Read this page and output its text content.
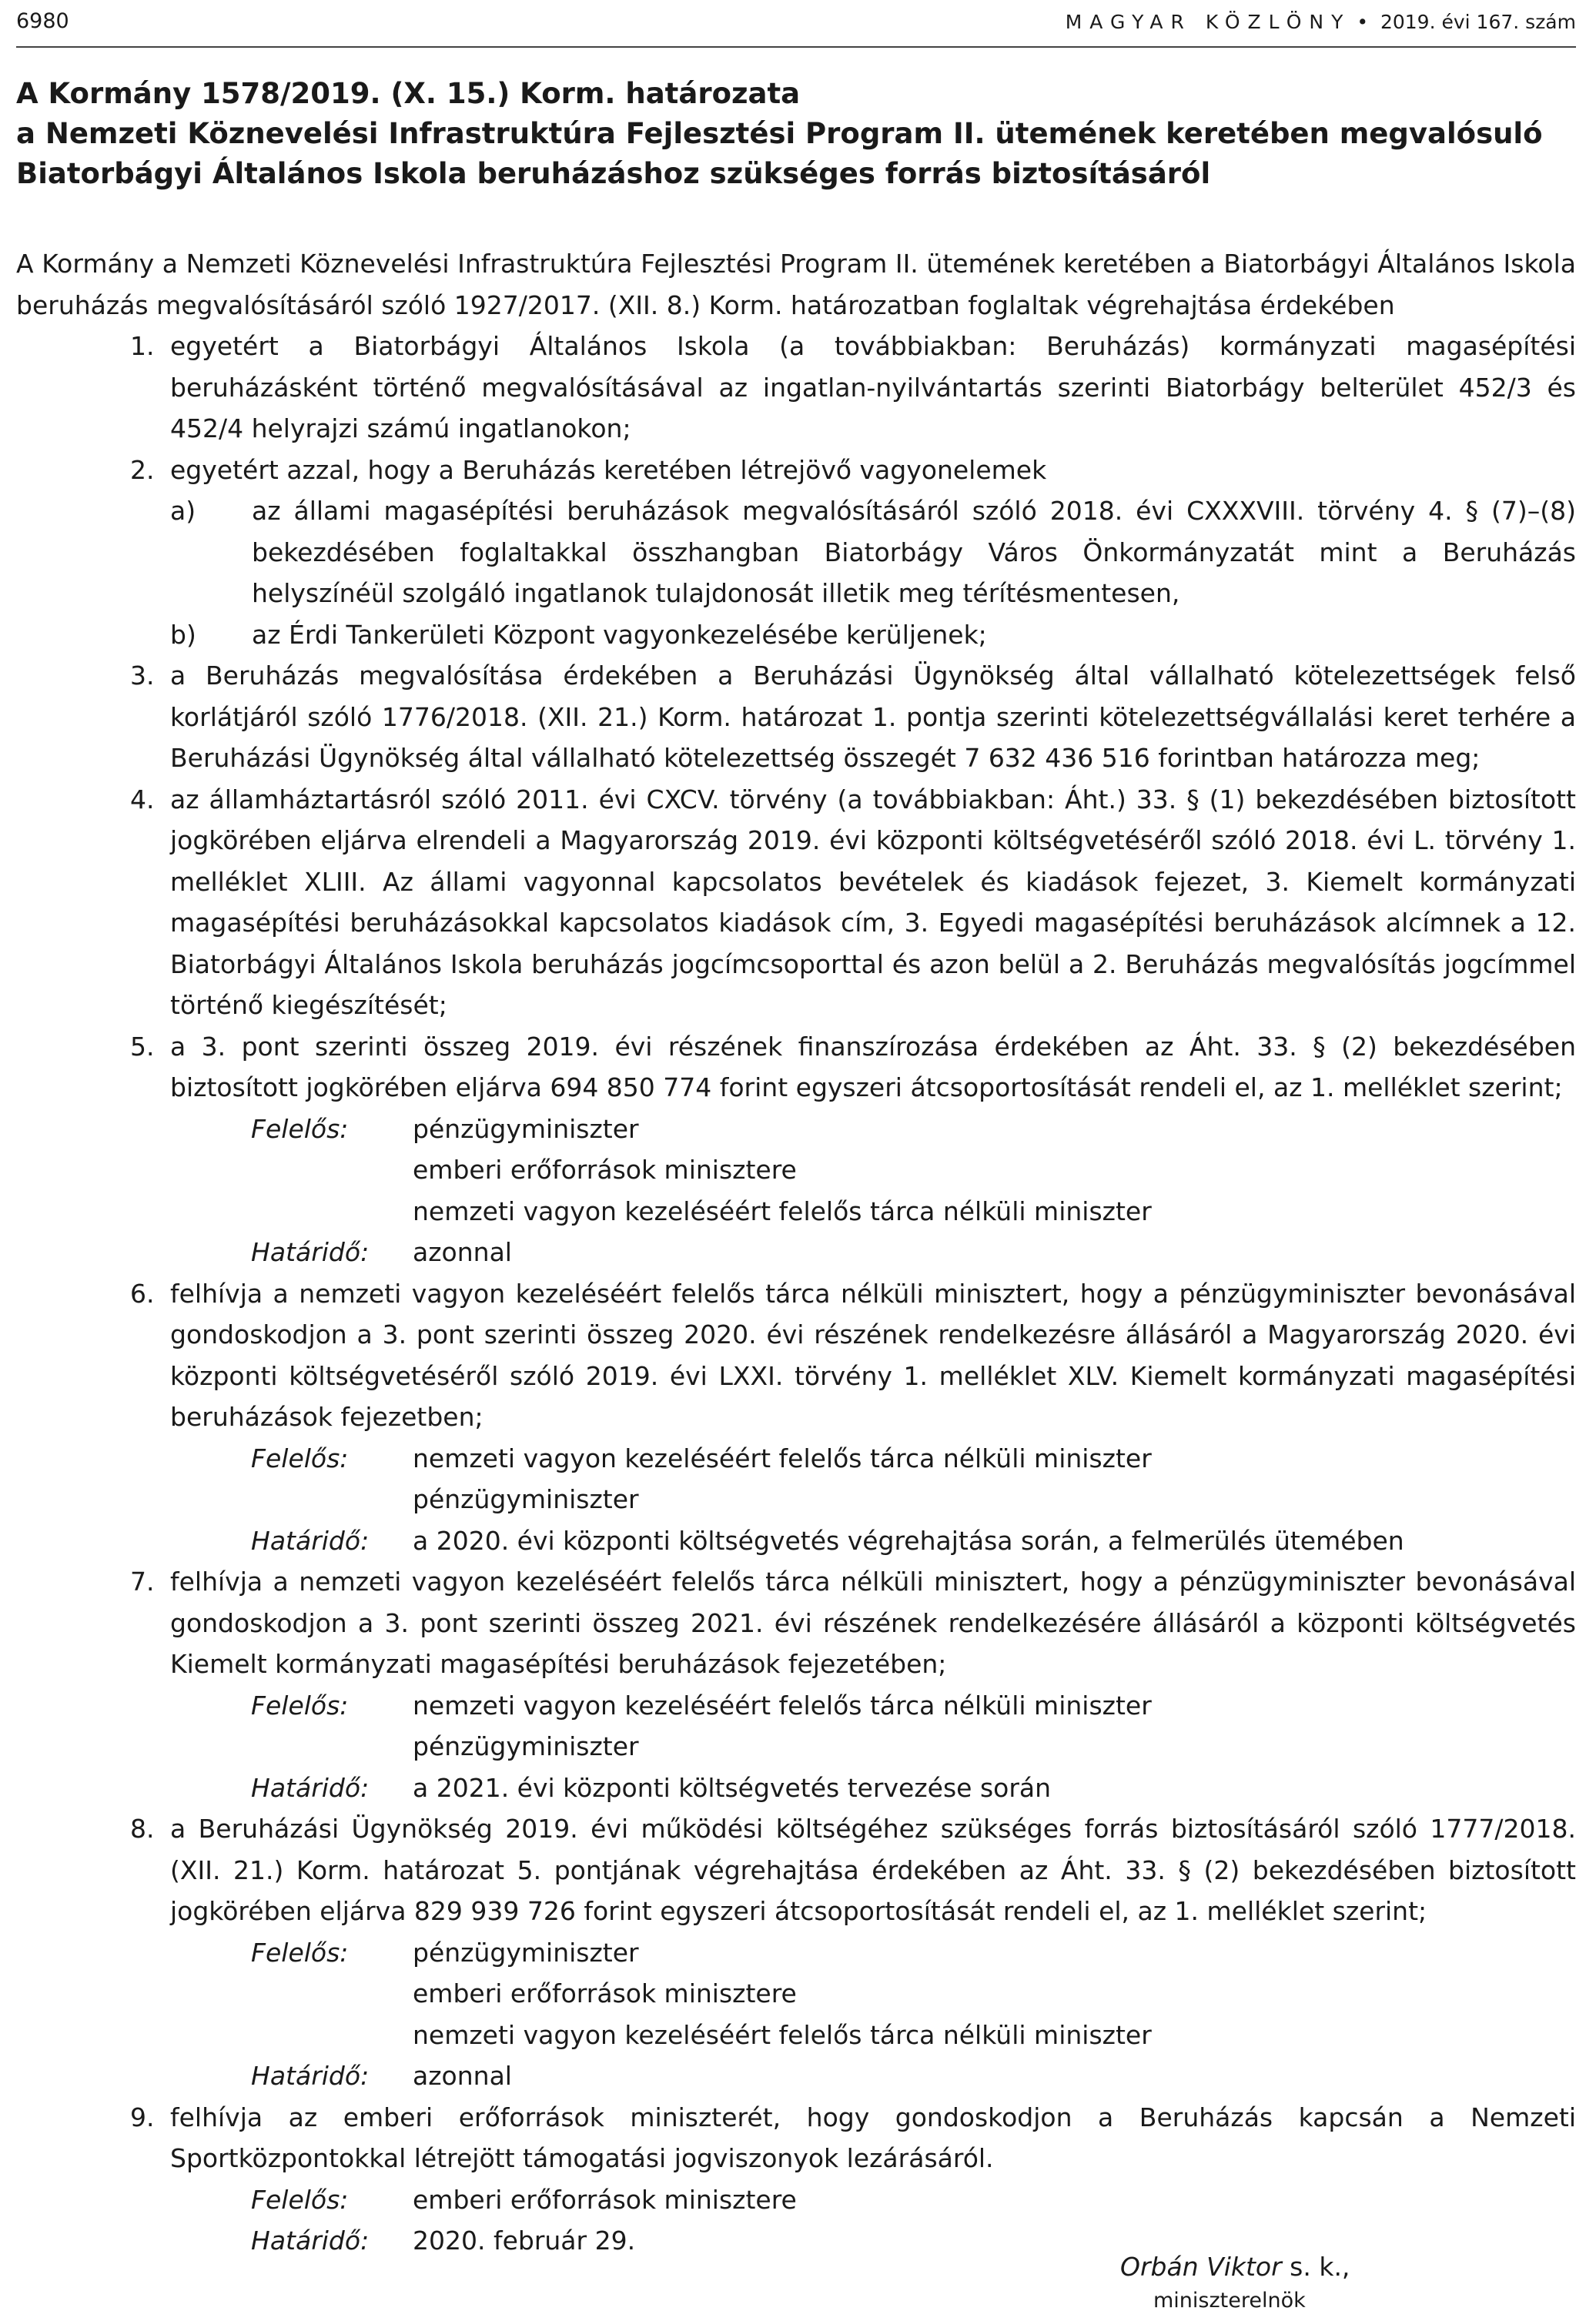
6980	MAGYAR KÖZLÖNY • 2019. évi 167. szám
A Kormány 1578/2019. (X. 15.) Korm. határozata
a Nemzeti Köznevelési Infrastruktúra Fejlesztési Program II. ütemének keretében megvalósuló
Biatorbágyi Általános Iskola beruházáshoz szükséges forrás biztosításáról

A Kormány a Nemzeti Köznevelési Infrastruktúra Fejlesztési Program II. ütemének keretében a Biatorbágyi Általános Iskola beruházás megvalósításáról szóló 1927/2017. (XII. 8.) Korm. határozatban foglaltak végrehajtása érdekében

1. egyetért a Biatorbágyi Általános Iskola (a továbbiakban: Beruházás) kormányzati magasépítési beruházásként történő megvalósításával az ingatlan-nyilvántartás szerinti Biatorbágy belterület 452/3 és 452/4 helyrajzi számú ingatlanokon;
2. egyetért azzal, hogy a Beruházás keretében létrejövő vagyonelemek
a) az állami magasépítési beruházások megvalósításáról szóló 2018. évi CXXXVIII. törvény 4. § (7)–(8) bekezdésében foglaltakkal összhangban Biatorbágy Város Önkormányzatát mint a Beruházás helyszínéül szolgáló ingatlanok tulajdonosát illetik meg térítésmentesen,
b) az Érdi Tankerületi Központ vagyonkezelésébe kerüljenek;
3. a Beruházás megvalósítása érdekében a Beruházási Ügynökség által vállalható kötelezettségek felső korlátjáról szóló 1776/2018. (XII. 21.) Korm. határozat 1. pontja szerinti kötelezettségvállalási keret terhére a Beruházási Ügynökség által vállalható kötelezettség összegét 7 632 436 516 forintban határozza meg;
4. az államháztartásról szóló 2011. évi CXCV. törvény (a továbbiakban: Áht.) 33. § (1) bekezdésében biztosított jogkörében eljárva elrendeli a Magyarország 2019. évi központi költségvetéséről szóló 2018. évi L. törvény 1. melléklet XLIII. Az állami vagyonnal kapcsolatos bevételek és kiadások fejezet, 3. Kiemelt kormányzati magasépítési beruházásokkal kapcsolatos kiadások cím, 3. Egyedi magasépítési beruházások alcímnek a 12. Biatorbágyi Általános Iskola beruházás jogcímcsoporttal és azon belül a 2. Beruházás megvalósítás jogcímmel történő kiegészítését;
5. a 3. pont szerinti összeg 2019. évi részének finanszírozása érdekében az Áht. 33. § (2) bekezdésében biztosított jogkörében eljárva 694 850 774 forint egyszeri átcsoportosítását rendeli el, az 1. melléklet szerint;
Felelős:	pénzügyminiszter
emberi erőforrások minisztere
nemzeti vagyon kezeléséért felelős tárca nélküli miniszter
Határidő: azonnal
6. felhívja a nemzeti vagyon kezeléséért felelős tárca nélküli minisztert, hogy a pénzügyminiszter bevonásával gondoskodjon a 3. pont szerinti összeg 2020. évi részének rendelkezésre állásáról a Magyarország 2020. évi központi költségvetéséről szóló 2019. évi LXXI. törvény 1. melléklet XLV. Kiemelt kormányzati magasépítési beruházások fejezetben;
Felelős:	nemzeti vagyon kezeléséért felelős tárca nélküli miniszter
pénzügyminiszter
Határidő: a 2020. évi központi költségvetés végrehajtása során, a felmerülés ütemében
7. felhívja a nemzeti vagyon kezeléséért felelős tárca nélküli minisztert, hogy a pénzügyminiszter bevonásával gondoskodjon a 3. pont szerinti összeg 2021. évi részének rendelkezésére állásáról a központi költségvetés Kiemelt kormányzati magasépítési beruházások fejezetében;
Felelős:	nemzeti vagyon kezeléséért felelős tárca nélküli miniszter
pénzügyminiszter
Határidő: a 2021. évi központi költségvetés tervezése során
8. a Beruházási Ügynökség 2019. évi működési költségéhez szükséges forrás biztosításáról szóló 1777/2018. (XII. 21.) Korm. határozat 5. pontjának végrehajtása érdekében az Áht. 33. § (2) bekezdésében biztosított jogkörében eljárva 829 939 726 forint egyszeri átcsoportosítását rendeli el, az 1. melléklet szerint;
Felelős:	pénzügyminiszter
emberi erőforrások minisztere
nemzeti vagyon kezeléséért felelős tárca nélküli miniszter
Határidő: azonnal
9. felhívja az emberi erőforrások miniszterét, hogy gondoskodjon a Beruházás kapcsán a Nemzeti Sportközpontokkal létrejött támogatási jogviszonyok lezárásáról.
Felelős:	emberi erőforrások minisztere
Határidő: 2020. február 29.
Orbán Viktor s. k.,
miniszterelnök
